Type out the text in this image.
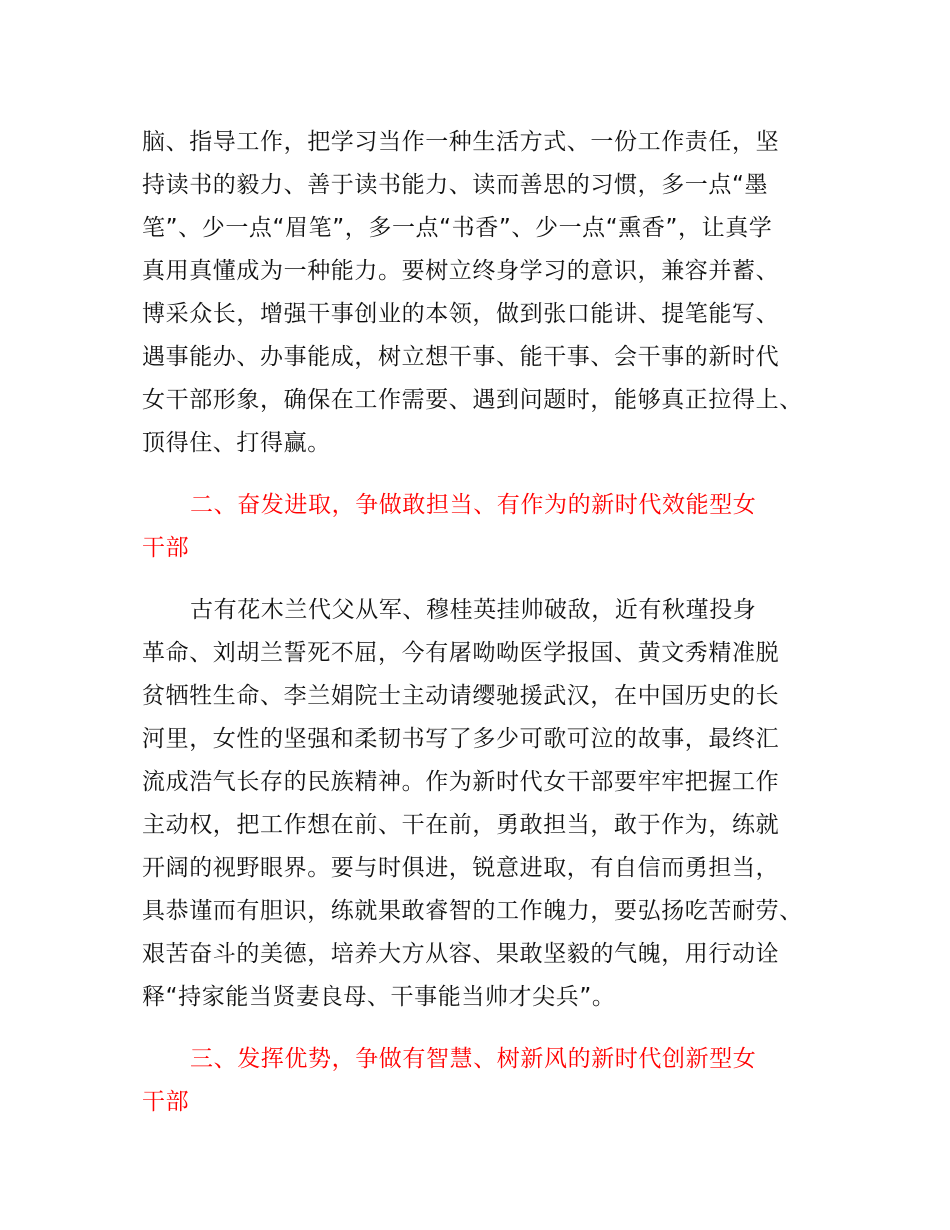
脑、指导工作，把学习当作一种生活方式、一份工作责任，坚
持读书的毅力、善于读书能力、读而善思的习惯，多一点“墨
笔”、少一点“眉笔”，多一点“书香”、少一点“熏香”，让真学
真用真懂成为一种能力。要树立终身学习的意识，兼容并蓄、
博采众长，增强干事创业的本领，做到张口能讲、提笔能写、
遇事能办、办事能成，树立想干事、能干事、会干事的新时代
女干部形象，确保在工作需要、遇到问题时，能够真正拉得上、
顶得住、打得赢。
二、奋发进取，争做敢担当、有作为的新时代效能型女
干部
古有花木兰代父从军、穆桂英挂帅破敌，近有秋瑾投身
革命、刘胡兰誓死不屈，今有屠呦呦医学报国、黄文秀精准脱
贫牺牲生命、李兰娟院士主动请缨驰援武汉，在中国历史的长
河里，女性的坚强和柔韧书写了多少可歌可泣的故事，最终汇
流成浩气长存的民族精神。作为新时代女干部要牢牢把握工作
主动权，把工作想在前、干在前，勇敢担当，敢于作为，练就
开阔的视野眼界。要与时俱进，锐意进取，有自信而勇担当，
具恭谨而有胆识，练就果敢睿智的工作魄力，要弘扬吃苦耐劳、
艰苦奋斗的美德，培养大方从容、果敢坚毅的气魄，用行动诠
释“持家能当贤妻良母、干事能当帅才尖兵”。
三、发挥优势，争做有智慧、树新风的新时代创新型女
干部
